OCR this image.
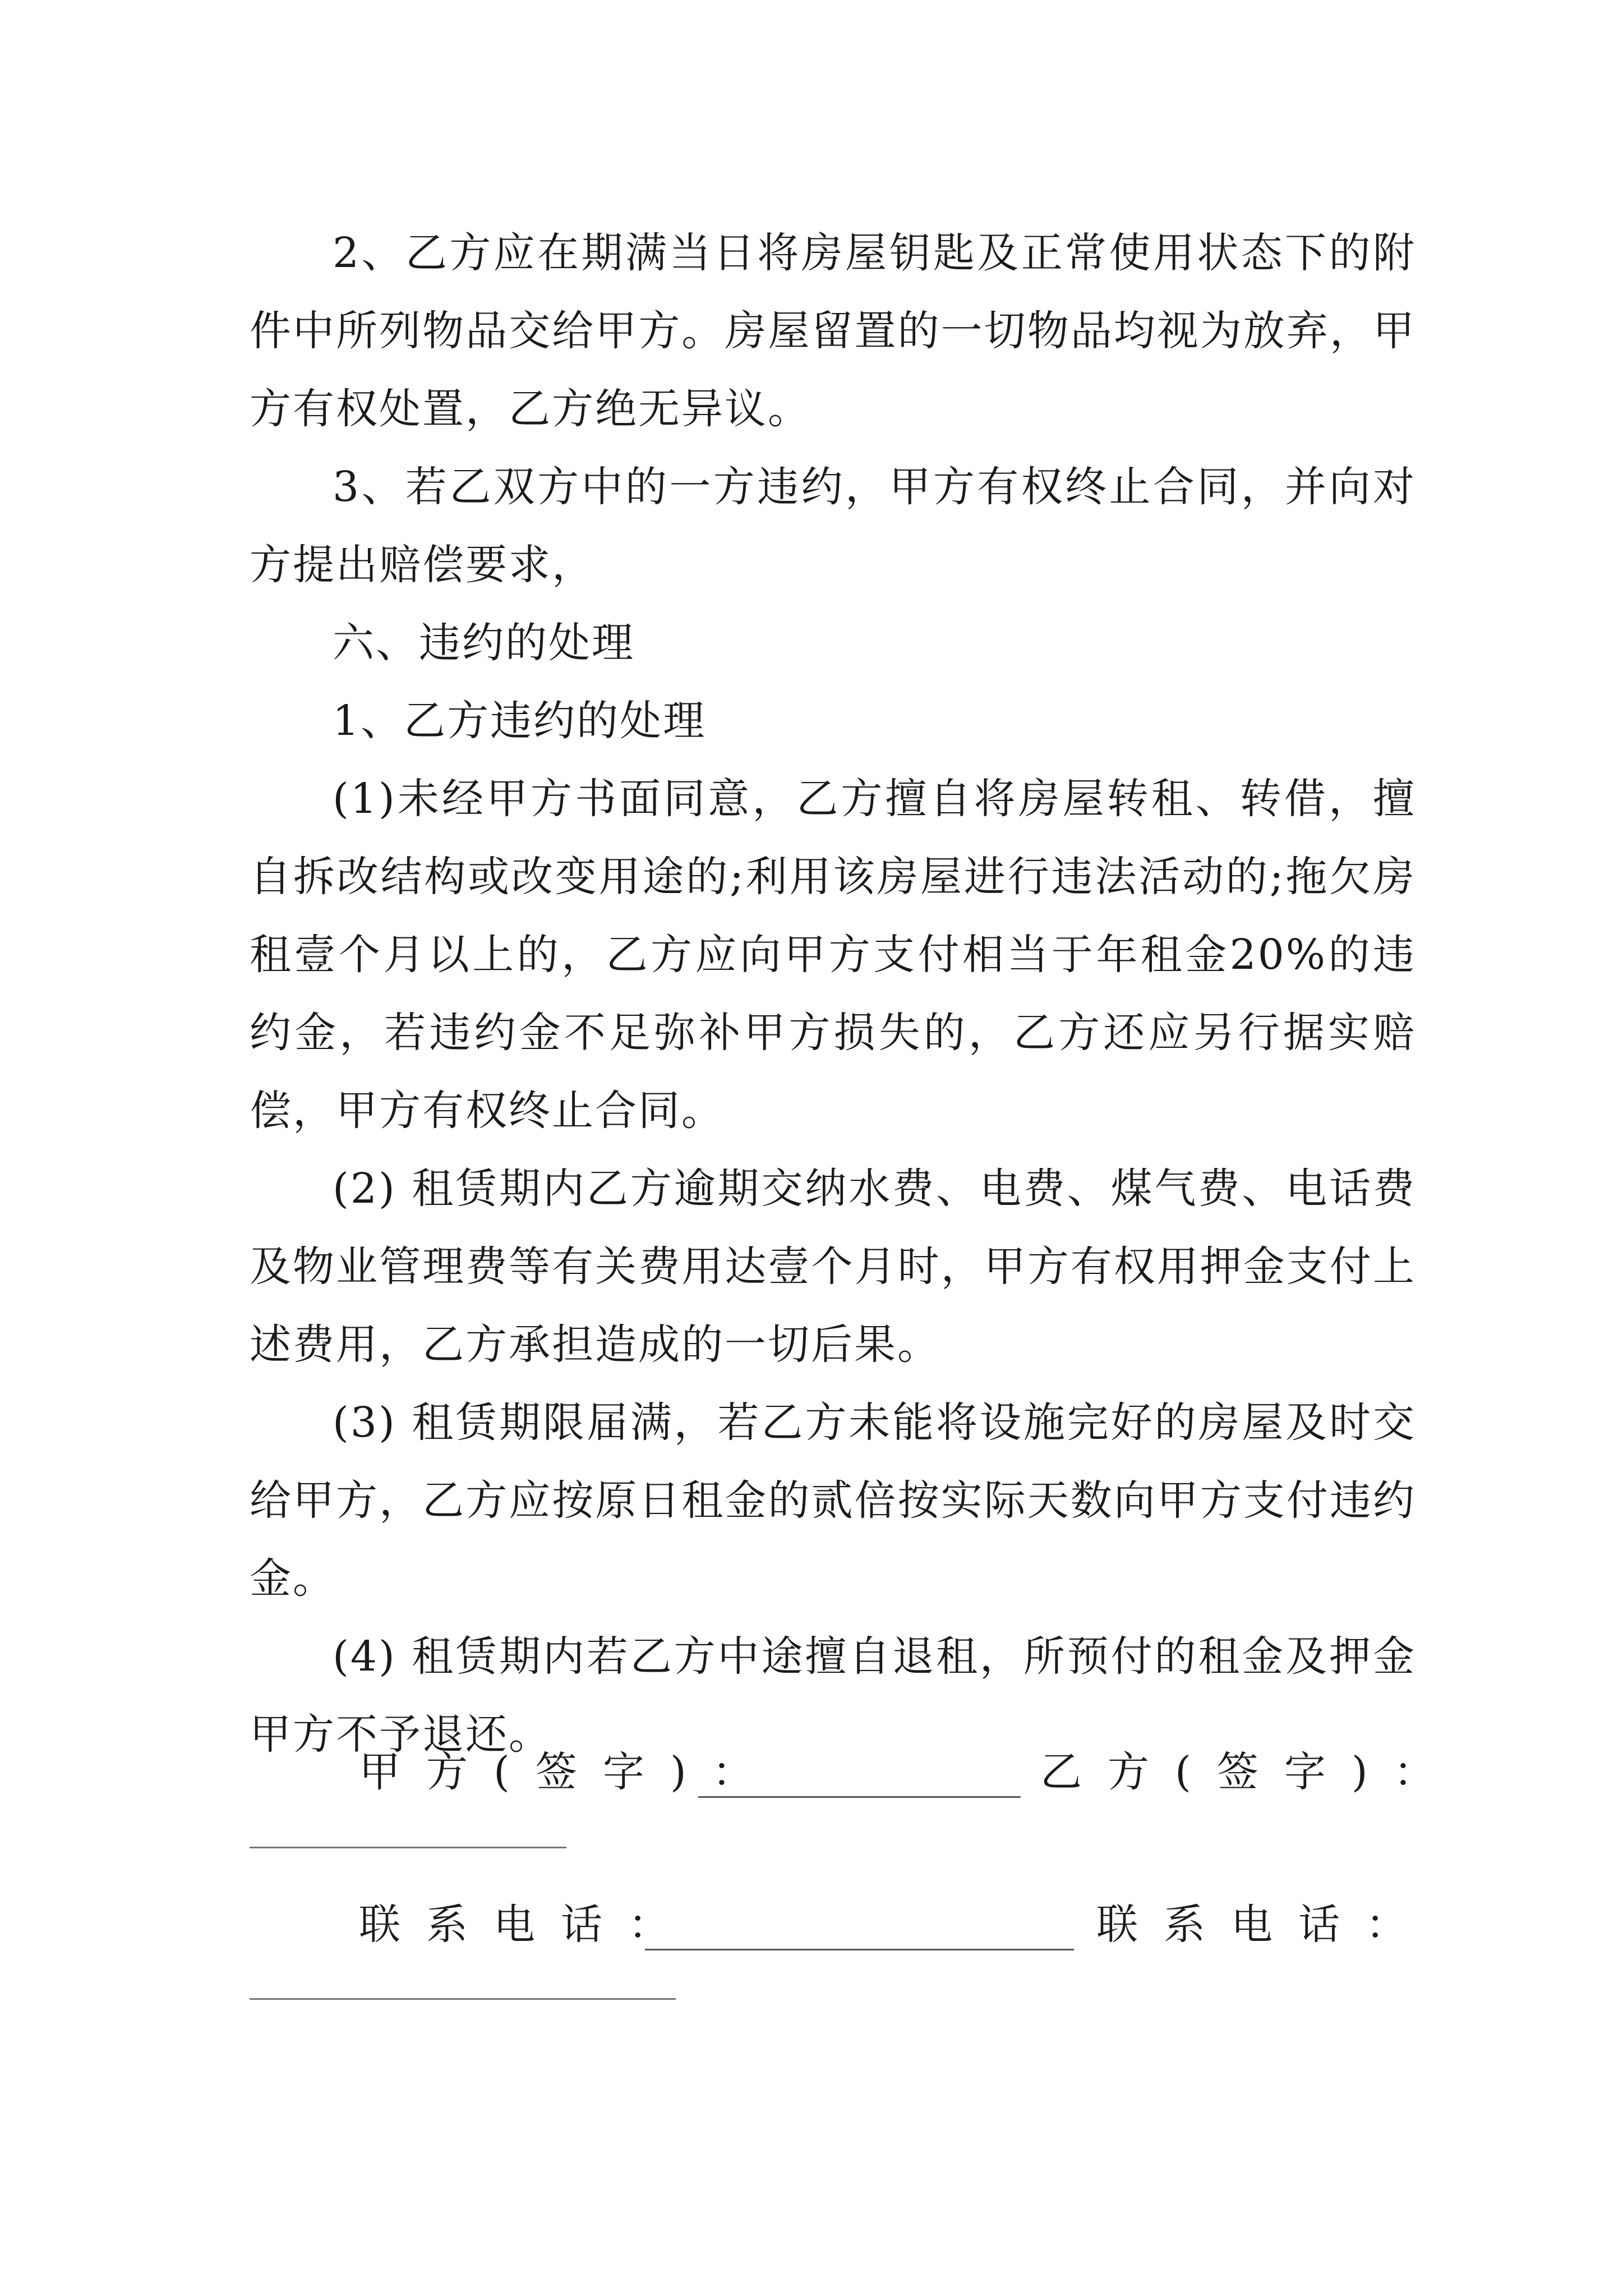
2、乙方应在期满当日将房屋钥匙及正常使用状态下的附件中所列物品交给甲方。房屋留置的一切物品均视为放弃，甲方有权处置，乙方绝无异议。

3、若乙双方中的一方违约，甲方有权终止合同，并向对方提出赔偿要求，

六、违约的处理

1、乙方违约的处理

(1)未经甲方书面同意，乙方擅自将房屋转租、转借，擅自拆改结构或改变用途的;利用该房屋进行违法活动的;拖欠房租壹个月以上的，乙方应向甲方支付相当于年租金20%的违约金，若违约金不足弥补甲方损失的，乙方还应另行据实赔偿，甲方有权终止合同。

(2) 租赁期内乙方逾期交纳水费、电费、煤气费、电话费及物业管理费等有关费用达壹个月时，甲方有权用押金支付上述费用，乙方承担造成的一切后果。

(3) 租赁期限届满，若乙方未能将设施完好的房屋及时交给甲方，乙方应按原日租金的贰倍按实际天数向甲方支付违约金。

(4) 租赁期内若乙方中途擅自退租，所预付的租金及押金甲方不予退还。

甲方(签字)：	乙方(签字)：
联系电话：	联系电话：
